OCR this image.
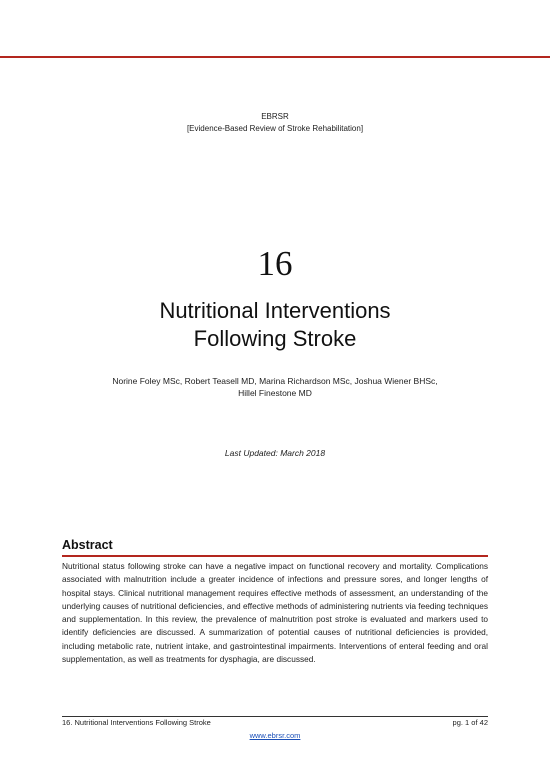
EBRSR
[Evidence-Based Review of Stroke Rehabilitation]
16
Nutritional Interventions
Following Stroke
Norine Foley MSc, Robert Teasell MD, Marina Richardson MSc, Joshua Wiener BHSc,
Hillel Finestone MD
Last Updated: March 2018
Abstract
Nutritional status following stroke can have a negative impact on functional recovery and mortality. Complications associated with malnutrition include a greater incidence of infections and pressure sores, and longer lengths of hospital stays. Clinical nutritional management requires effective methods of assessment, an understanding of the underlying causes of nutritional deficiencies, and effective methods of administering nutrients via feeding techniques and supplementation. In this review, the prevalence of malnutrition post stroke is evaluated and markers used to identify deficiencies are discussed. A summarization of potential causes of nutritional deficiencies is provided, including metabolic rate, nutrient intake, and gastrointestinal impairments. Interventions of enteral feeding and oral supplementation, as well as treatments for dysphagia, are discussed.
16. Nutritional Interventions Following Stroke	pg. 1 of 42
www.ebrsr.com
